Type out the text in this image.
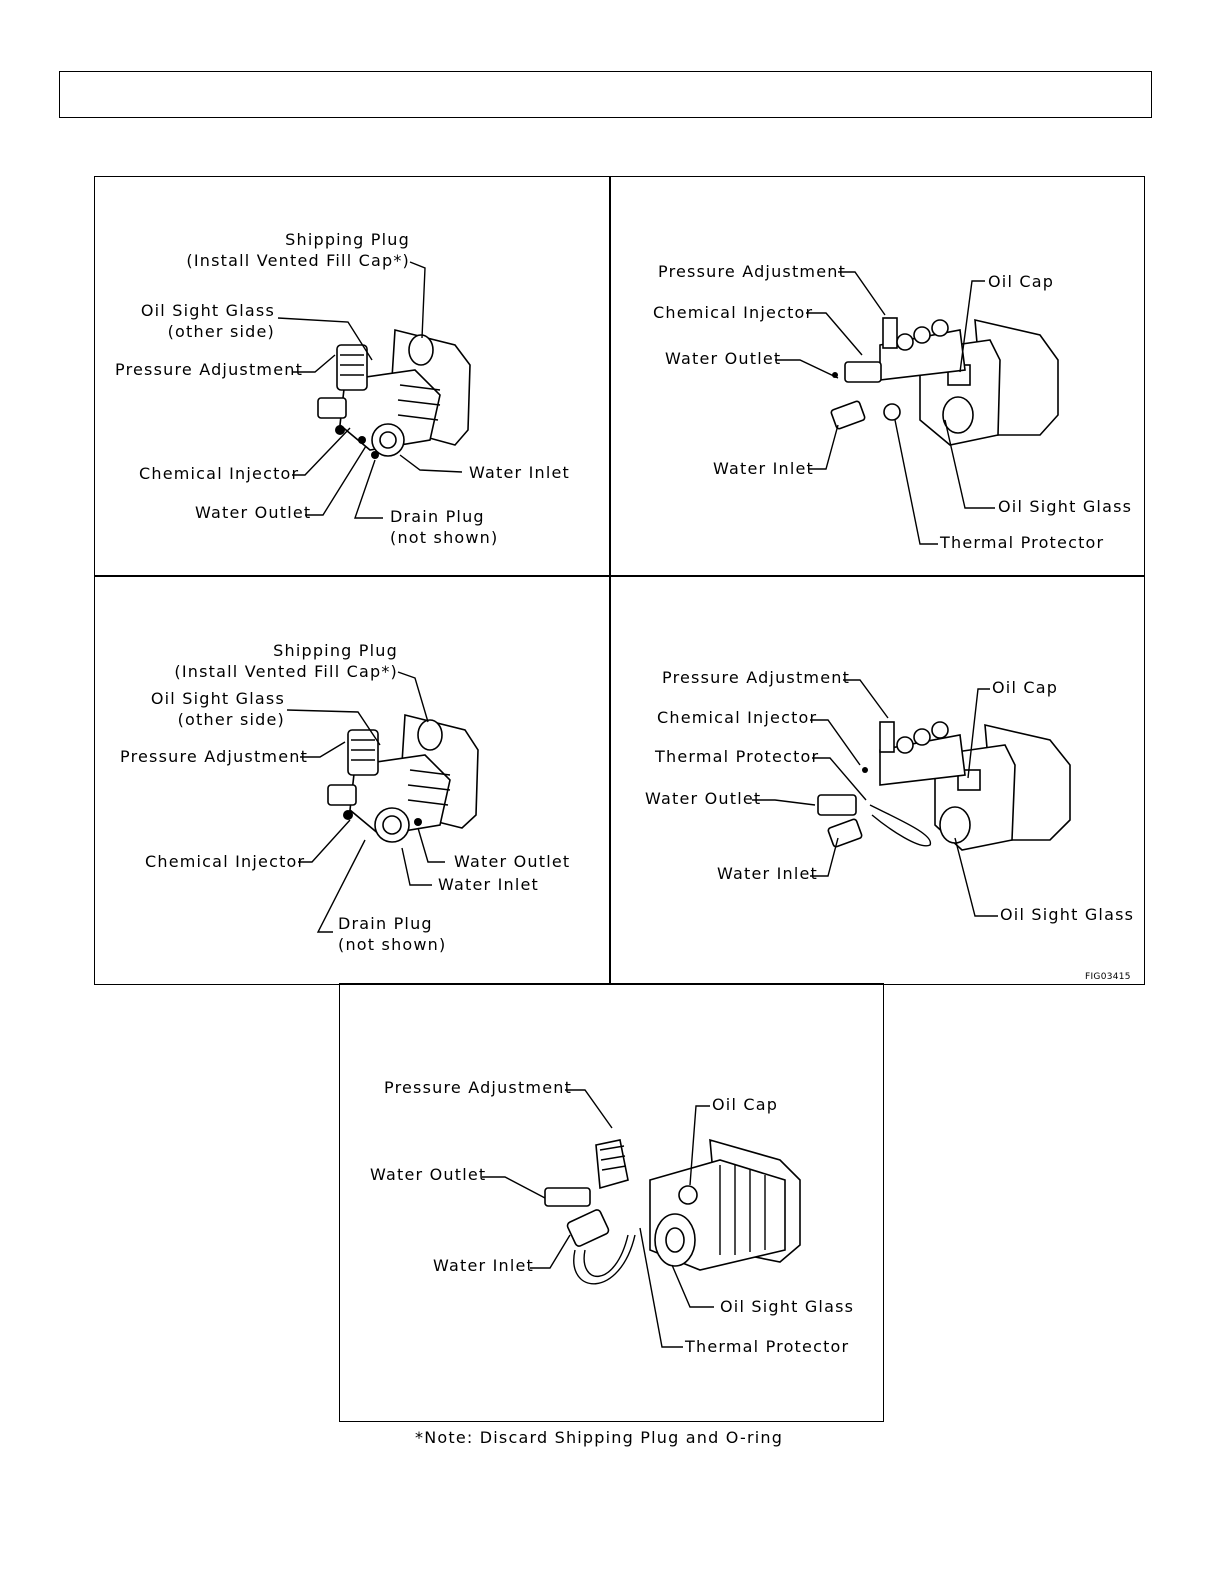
Shipping Plug
(Install Vented Fill Cap*)
Oil Sight Glass
(other side)
Pressure Adjustment
Chemical Injector	Water Inlet
Water Outlet	Drain Plug
(not shown)
Pressure Adjustment
Oil Cap
Chemical Injector
Water Outlet
Water Inlet
Oil Sight Glass
Thermal Protector
Shipping Plug
(Install Vented Fill Cap*)
Oil Sight Glass
(other side)
Pressure Adjustment
Chemical Injector	Water Outlet
Water Inlet
Drain Plug
(not shown)
Pressure Adjustment
Oil Cap
Chemical Injector
Thermal Protector
Water Outlet
Water Inlet
Oil Sight Glass
FIG03415
Pressure Adjustment
Oil Cap
Water Outlet
Water Inlet
Oil Sight Glass
Thermal Protector
*Note: Discard Shipping Plug and O-ring
